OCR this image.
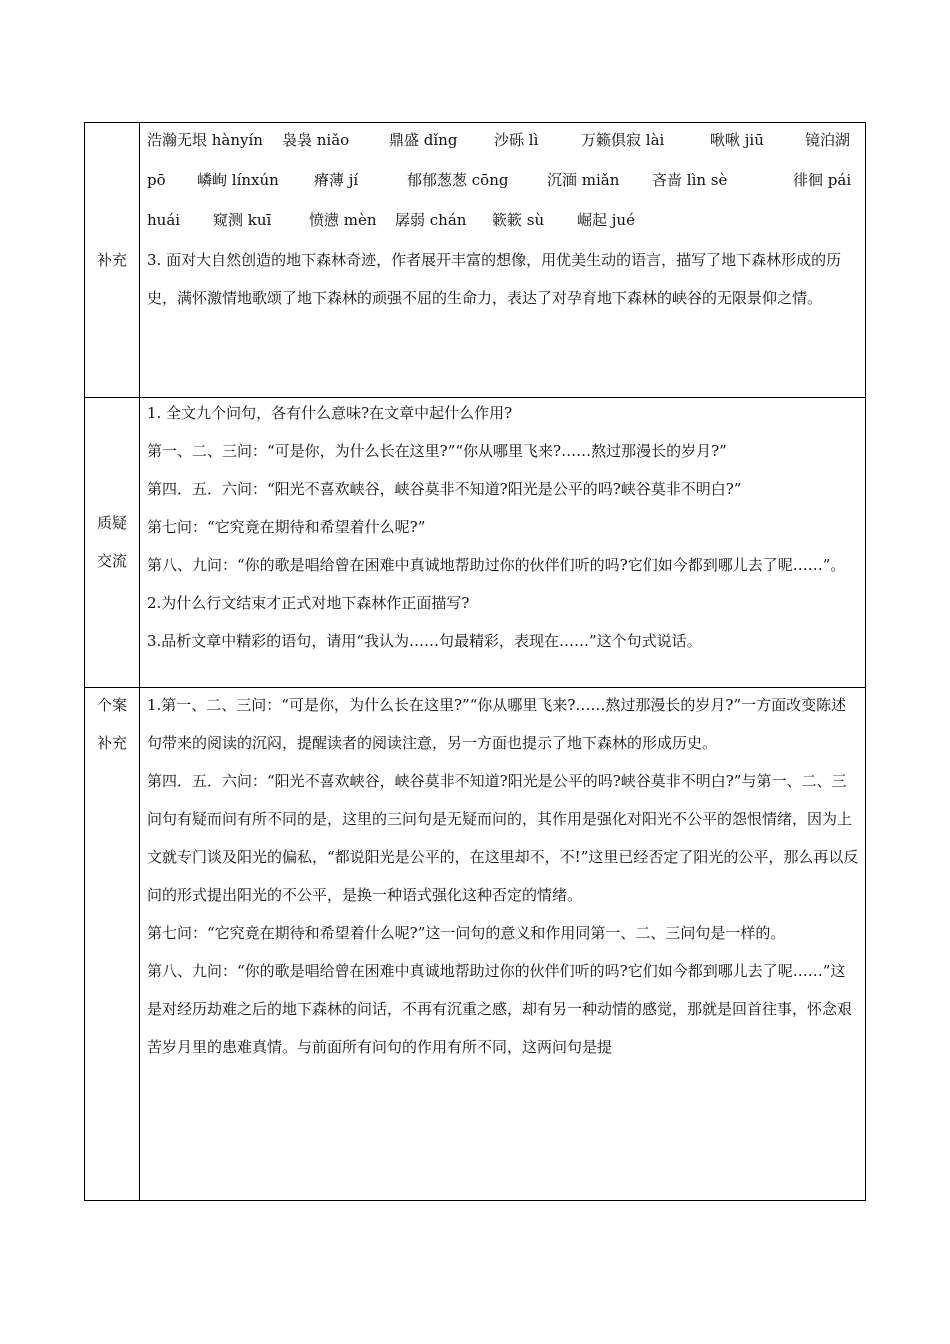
补充
浩瀚无垠 hànyín 袅袅 niǎo	鼎盛 dǐng 沙砾 lì	万籁俱寂 lài	啾啾 jiū	镜泊湖
pō 嶙峋 línxún 瘠薄 jí	郁郁葱葱 cōng	沉湎 miǎn 吝啬 lìn sè	徘徊 pái
huái 窥测 kuī	愤懑 mèn 孱弱 chán 簌簌 sù 崛起 jué

3. 面对大自然创造的地下森林奇迹，作者展开丰富的想像，用优美生动的语言，描写了地下森林形成的历史，满怀激情地歌颂了地下森林的顽强不屈的生命力，表达了对孕育地下森林的峡谷的无限景仰之情。

质疑
交流

1. 全文九个问句，各有什么意味?在文章中起什么作用?

第一、二、三问：“可是你，为什么长在这里?”“你从哪里飞来?……熬过那漫长的岁月?”

第四．五．六问：“阳光不喜欢峡谷，峡谷莫非不知道?阳光是公平的吗?峡谷莫非不明白?”

第七问：“它究竟在期待和希望着什么呢?”

第八、九问：“你的歌是唱给曾在困难中真诚地帮助过你的伙伴们听的吗?它们如今都到哪儿去了呢……”。

2.为什么行文结束才正式对地下森林作正面描写?

3.品析文章中精彩的语句，请用“我认为……句最精彩，表现在……”这个句式说话。

个案
补充

1.第一、二、三问：“可是你，为什么长在这里?”“你从哪里飞来?……熬过那漫长的岁月?”一方面改变陈述句带来的阅读的沉闷，提醒读者的阅读注意，另一方面也提示了地下森林的形成历史。

第四．五．六问：“阳光不喜欢峡谷，峡谷莫非不知道?阳光是公平的吗?峡谷莫非不明白?”与第一、二、三问句有疑而问有所不同的是，这里的三问句是无疑而问的，其作用是强化对阳光不公平的怨恨情绪，因为上文就专门谈及阳光的偏私，“都说阳光是公平的，在这里却不，不!”这里已经否定了阳光的公平，那么再以反问的形式提出阳光的不公平，是换一种语式强化这种否定的情绪。

第七问：“它究竟在期待和希望着什么呢?”这一问句的意义和作用同第一、二、三问句是一样的。

第八、九问：“你的歌是唱给曾在困难中真诚地帮助过你的伙伴们听的吗?它们如今都到哪儿去了呢……”这是对经历劫难之后的地下森林的问话，不再有沉重之感，却有另一种动情的感觉，那就是回首往事，怀念艰苦岁月里的患难真情。与前面所有问句的作用有所不同，这两问句是提
